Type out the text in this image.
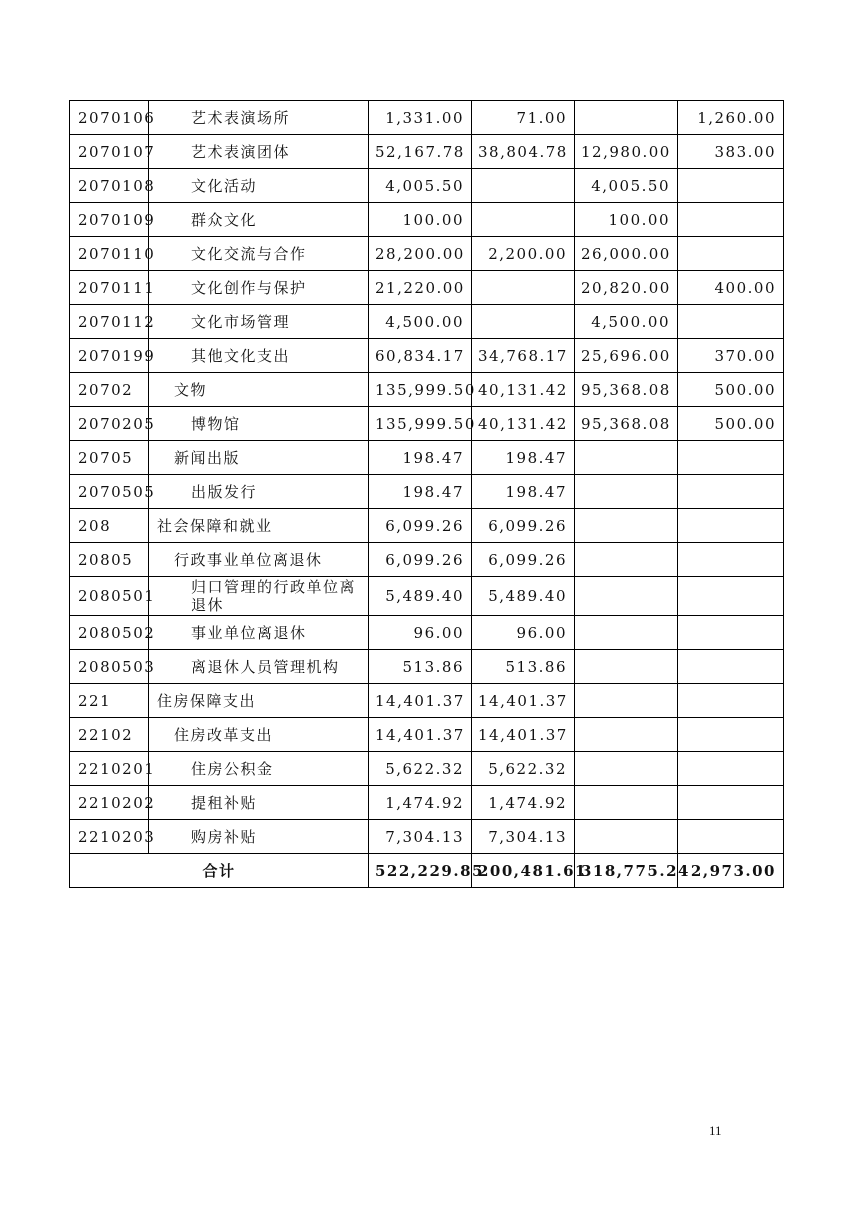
2070106	艺术表演场所	1,331.00	71.00		1,260.00
2070107	艺术表演团体	52,167.78	38,804.78	12,980.00	383.00
2070108	文化活动	4,005.50		4,005.50	
2070109	群众文化	100.00		100.00	
2070110	文化交流与合作	28,200.00	2,200.00	26,000.00	
2070111	文化创作与保护	21,220.00		20,820.00	400.00
2070112	文化市场管理	4,500.00		4,500.00	
2070199	其他文化支出	60,834.17	34,768.17	25,696.00	370.00
20702	文物	135,999.50	40,131.42	95,368.08	500.00
2070205	博物馆	135,999.50	40,131.42	95,368.08	500.00
20705	新闻出版	198.47	198.47		
2070505	出版发行	198.47	198.47		
208	社会保障和就业	6,099.26	6,099.26		
20805	行政事业单位离退休	6,099.26	6,099.26		
2080501	归口管理的行政单位离退休	5,489.40	5,489.40		
2080502	事业单位离退休	96.00	96.00		
2080503	离退休人员管理机构	513.86	513.86		
221	住房保障支出	14,401.37	14,401.37		
22102	住房改革支出	14,401.37	14,401.37		
2210201	住房公积金	5,622.32	5,622.32		
2210202	提租补贴	1,474.92	1,474.92		
2210203	购房补贴	7,304.13	7,304.13		
合计		522,229.85	200,481.61	318,775.24	2,973.00
11
